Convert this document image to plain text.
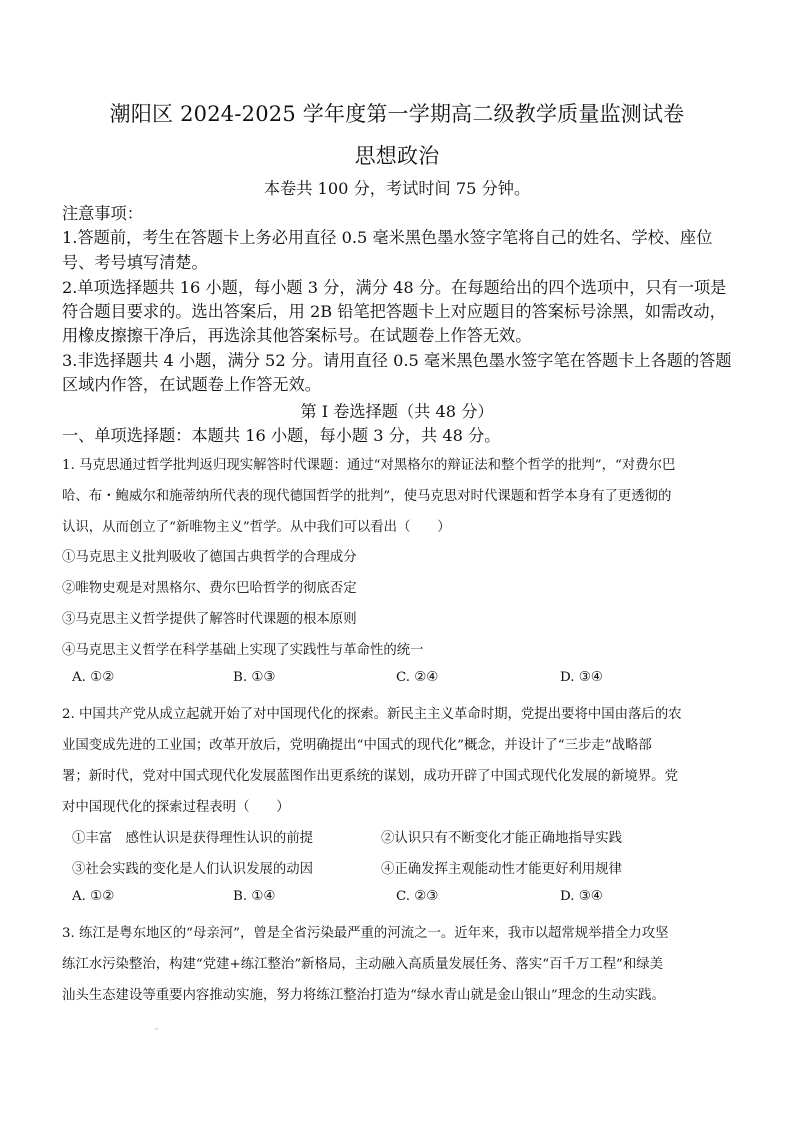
潮阳区 2024-2025 学年度第一学期高二级教学质量监测试卷
思想政治
本卷共 100 分，考试时间 75 分钟。
注意事项：
1.答题前，考生在答题卡上务必用直径 0.5 毫米黑色墨水签字笔将自己的姓名、学校、座位
号、考号填写清楚。
2.单项选择题共 16 小题，每小题 3 分，满分 48 分。在每题给出的四个选项中，只有一项是
符合题目要求的。选出答案后，用 2B 铅笔把答题卡上对应题目的答案标号涂黑，如需改动，
用橡皮擦擦干净后，再选涂其他答案标号。在试题卷上作答无效。
3.非选择题共 4 小题，满分 52 分。请用直径 0.5 毫米黑色墨水签字笔在答题卡上各题的答题
区域内作答，在试题卷上作答无效。
第 I 卷选择题（共 48 分）
一、单项选择题：本题共 16 小题，每小题 3 分，共 48 分。
1. 马克思通过哲学批判返归现实解答时代课题：通过“对黑格尔的辩证法和整个哲学的批判”，“对费尔巴
哈、布・鲍威尔和施蒂纳所代表的现代德国哲学的批判”，使马克思对时代课题和哲学本身有了更透彻的
认识，从而创立了“新唯物主义”哲学。从中我们可以看出（　　）
①马克思主义批判吸收了德国古典哲学的合理成分
②唯物史观是对黑格尔、费尔巴哈哲学的彻底否定
③马克思主义哲学提供了解答时代课题的根本原则
④马克思主义哲学在科学基础上实现了实践性与革命性的统一
A. ①②	B. ①③	C. ②④	D. ③④
2. 中国共产党从成立起就开始了对中国现代化的探索。新民主主义革命时期，党提出要将中国由落后的农
业国变成先进的工业国；改革开放后，党明确提出“中国式的现代化”概念，并设计了“三步走”战略部
署；新时代，党对中国式现代化发展蓝图作出更系统的谋划，成功开辟了中国式现代化发展的新境界。党
对中国现代化的探索过程表明（　　）
①丰富　感性认识是获得理性认识的前提	②认识只有不断变化才能正确地指导实践
③社会实践的变化是人们认识发展的动因	④正确发挥主观能动性才能更好利用规律
A. ①②	B. ①④	C. ②③	D. ③④
3. 练江是粤东地区的“母亲河”，曾是全省污染最严重的河流之一。近年来，我市以超常规举措全力攻坚
练江水污染整治，构建“党建+练江整治”新格局，主动融入高质量发展任务、落实“百千万工程”和绿美
汕头生态建设等重要内容推动实施，努力将练江整治打造为“绿水青山就是金山银山”理念的生动实践。
